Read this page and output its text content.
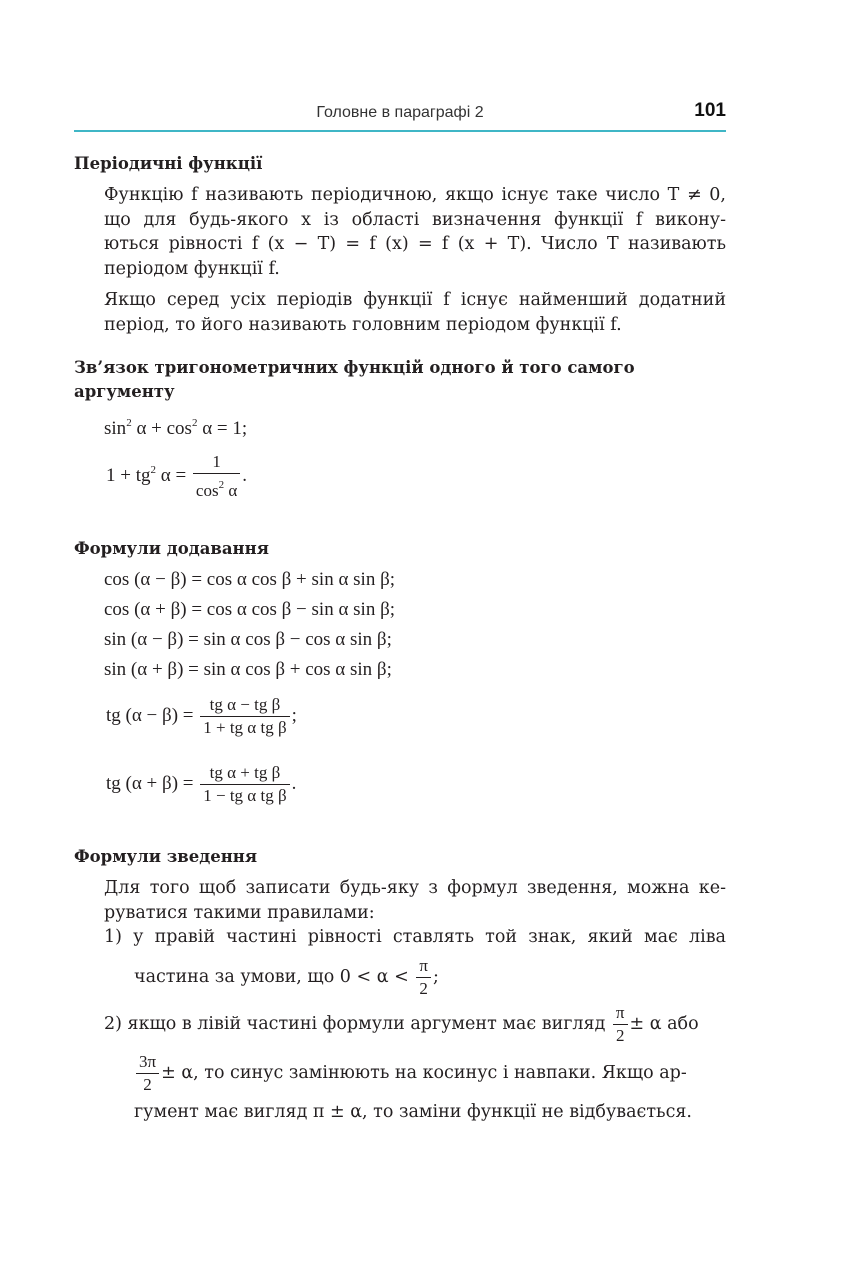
Головне в параграфі 2	101
Періодичні функції
Функцію f називають періодичною, якщо існує таке число T ≠ 0,
що для будь-якого x із області визначення функції f викону-
ються рівності f (x − T) = f (x) = f (x + T). Число T називають
періодом функції f.
Якщо серед усіх періодів функції f існує найменший додатний
період, то його називають головним періодом функції f.
Зв’язок тригонометричних функцій одного й того самого
аргументу
$\sin^2 \alpha + \cos^2 \alpha = 1$;
$1 + tg^2$ $\alpha = \frac{1}{\cos^2 \alpha}$ .
Формули додавання
cos (α − β) = cos α cos β + sin α sin β;
cos (α + β) = cos α cos β − sin α sin β;
sin (α − β) = sin α cos β − cos α sin β;
sin (α + β) = sin α cos β + cos α sin β;
tg $(\alpha - \beta) = \frac{\text{tg α − tg β}}{\text{1 + tg α tg β}}$ ;
tg $(\alpha + \beta) = \frac{\text{tg α + tg β}}{\text{1 − tg α tg β}}$ .
Формули зведення
Для того щоб записати будь-яку з формул зведення, можна ке-
руватися такими правилами:
1) у правій частині рівності ставлять той знак, який має ліва
частина за умови, що $0 < \alpha < \frac{\pi}{2}$ ;
2) якщо в лівій частині формули аргумент має вигляд $\frac{\pi}{2} \pm \alpha$ або
$\frac{3\pi}{2} \pm \alpha$, то синус замінюють на косинус і навпаки. Якщо ар-
гумент має вигляд π ± α, то заміни функції не відбувається.
